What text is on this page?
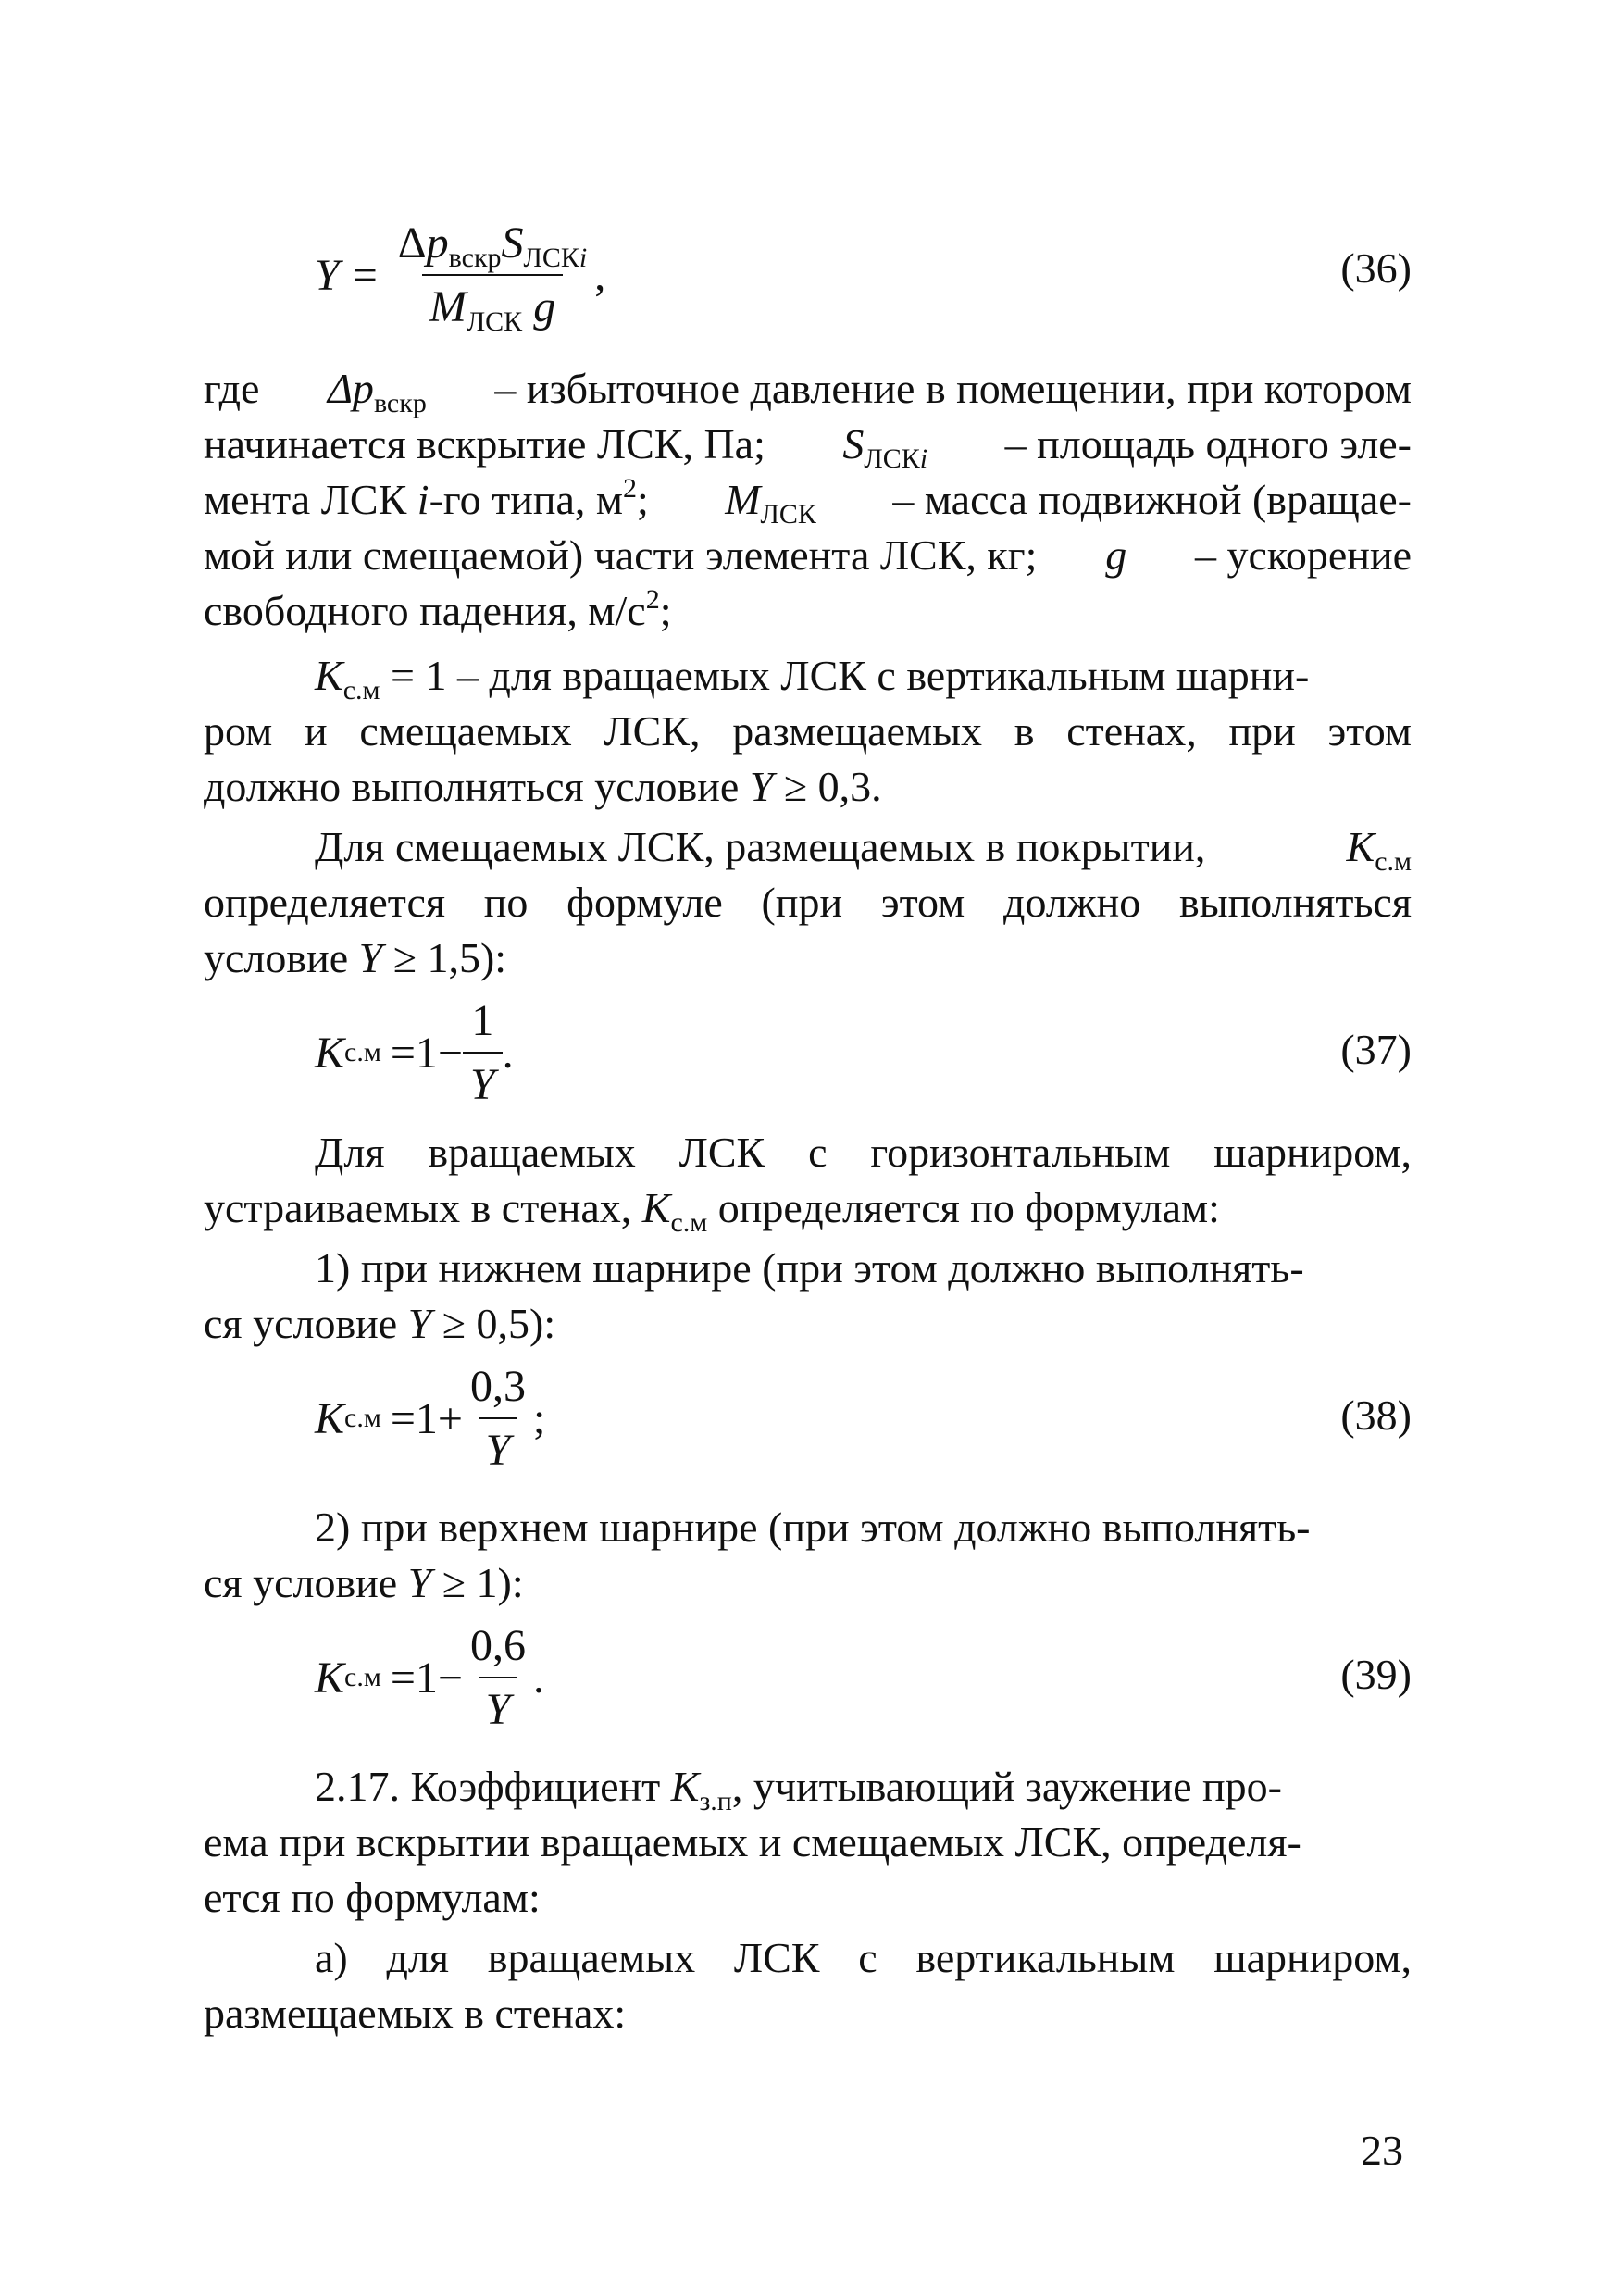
$Y = \frac{\Delta p_{вскр}S_{ЛСКi}}{M_{ЛСК} g}$ ,	(36)
где $\Delta p_{вскр}$ – избыточное давление в помещении, при котором
начинается вскрытие ЛСК, Па; $S_{ЛСКi}$ – площадь одного эле-
мента ЛСК i-го типа, $м^2$; $M_{ЛСК}$ – масса подвижной (вращае-
мой или смещаемой) части элемента ЛСК, кг; g – ускорение
свободного падения, $м/с^2$;
$K_{с.м} = 1$ – для вращаемых ЛСК с вертикальным шарни-
ром и смещаемых ЛСК, размещаемых в стенах, при этом
должно выполняться условие Y ≥ 0,3.
Для смещаемых ЛСК, размещаемых в покрытии,	$K_{с.м}$
определяется по формуле (при этом должно выполняться
условие Y ≥ 1,5):
K $с.м =1- \frac{1}{Y}$ .	(37)
Для вращаемых ЛСК с горизонтальным шарниром,
устраиваемых в стенах, $K_{с.м}$ определяется по формулам:
1) при нижнем шарнире (при этом должно выполнять-
ся условие Y ≥ 0,5):
K $с.м =1+ \frac{0,3}{Y}$ ;	(38)
2) при верхнем шарнире (при этом должно выполнять-
ся условие Y ≥ 1):
K $с.м =1- \frac{0,6}{Y}$ .	(39)
2.17. Коэффициент $K_{з.п}$, учитывающий заужение про-
ема при вскрытии вращаемых и смещаемых ЛСК, определя-
ется по формулам:
а) для вращаемых ЛСК с вертикальным шарниром,
размещаемых в стенах:
23
